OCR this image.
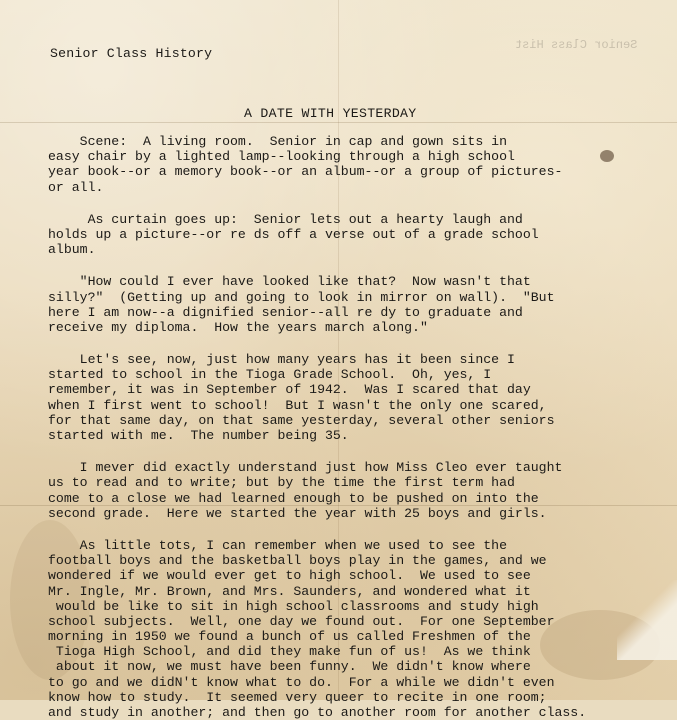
Senior Class Hist
Senior Class History
A DATE WITH YESTERDAY
Scene:  A living room.  Senior in cap and gown sits in
easy chair by a lighted lamp--looking through a high school
year book--or a memory book--or an album--or a group of pictures-
or all.
As curtain goes up:  Senior lets out a hearty laugh and
holds up a picture--or re ds off a verse out of a grade school
album.
"How could I ever have looked like that?  Now wasn't that
silly?"  (Getting up and going to look in mirror on wall).  "But
here I am now--a dignified senior--all re dy to graduate and
receive my diploma.  How the years march along."
Let's see, now, just how many years has it been since I
started to school in the Tioga Grade School.  Oh, yes, I
remember, it was in September of 1942.  Was I scared that day
when I first went to school!  But I wasn't the only one scared,
for that same day, on that same yesterday, several other seniors
started with me.  The number being 35.
I mever did exactly understand just how Miss Cleo ever taught
us to read and to write; but by the time the first term had
come to a close we had learned enough to be pushed on into the
second grade.  Here we started the year with 25 boys and girls.
As little tots, I can remember when we used to see the
football boys and the basketball boys play in the games, and we
wondered if we would ever get to high school.  We used to see
Mr. Ingle, Mr. Brown, and Mrs. Saunders, and wondered what it
would be like to sit in high school classrooms and study high
school subjects.  Well, one day we found out.  For one September
morning in 1950 we found a bunch of us called Freshmen of the
Tioga High School, and did they make fun of us!  As we think
about it now, we must have been funny.  We didn't know where
to go and we didN't know what to do.  For a while we didn't even
know how to study.  It seemed very queer to recite in one room;
and study in another; and then go to another room for another class.
